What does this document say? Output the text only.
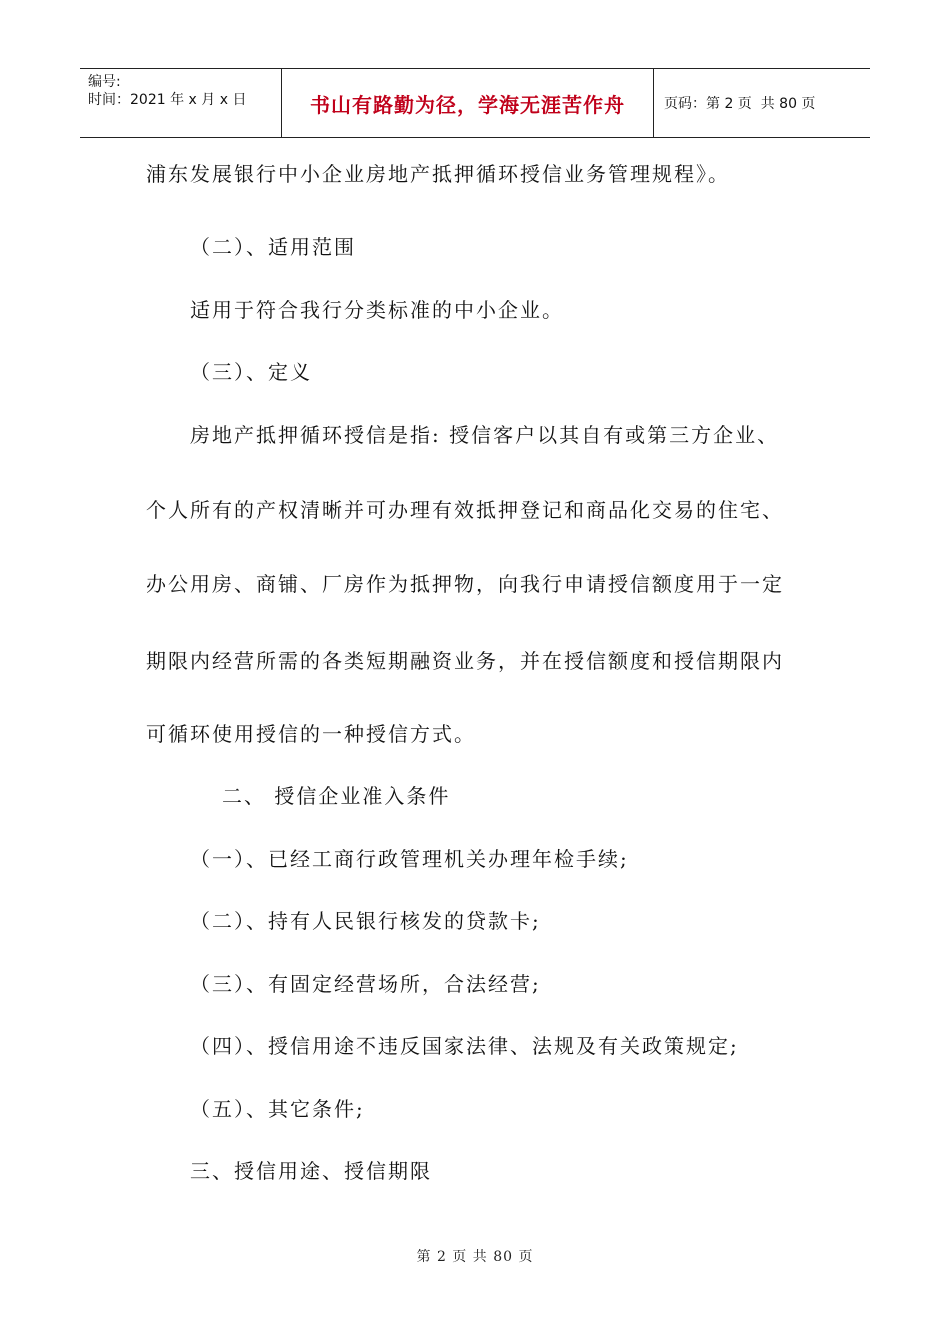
编号:
时间：2021 年 x 月 x 日	书山有路勤为径，学海无涯苦作舟	页码：第 2 页  共 80 页
浦东发展银行中小企业房地产抵押循环授信业务管理规程》。
（二）、适用范围
适用于符合我行分类标准的中小企业。
（三）、定义
房地产抵押循环授信是指: 授信客户以其自有或第三方企业、
个人所有的产权清晰并可办理有效抵押登记和商品化交易的住宅、
办公用房、商铺、厂房作为抵押物，向我行申请授信额度用于一定
期限内经营所需的各类短期融资业务，并在授信额度和授信期限内
可循环使用授信的一种授信方式。
二、 授信企业准入条件
（一）、已经工商行政管理机关办理年检手续;
（二）、持有人民银行核发的贷款卡;
（三）、有固定经营场所，合法经营;
（四）、授信用途不违反国家法律、法规及有关政策规定;
（五）、其它条件;
三、授信用途、授信期限
第 2 页 共 80 页
